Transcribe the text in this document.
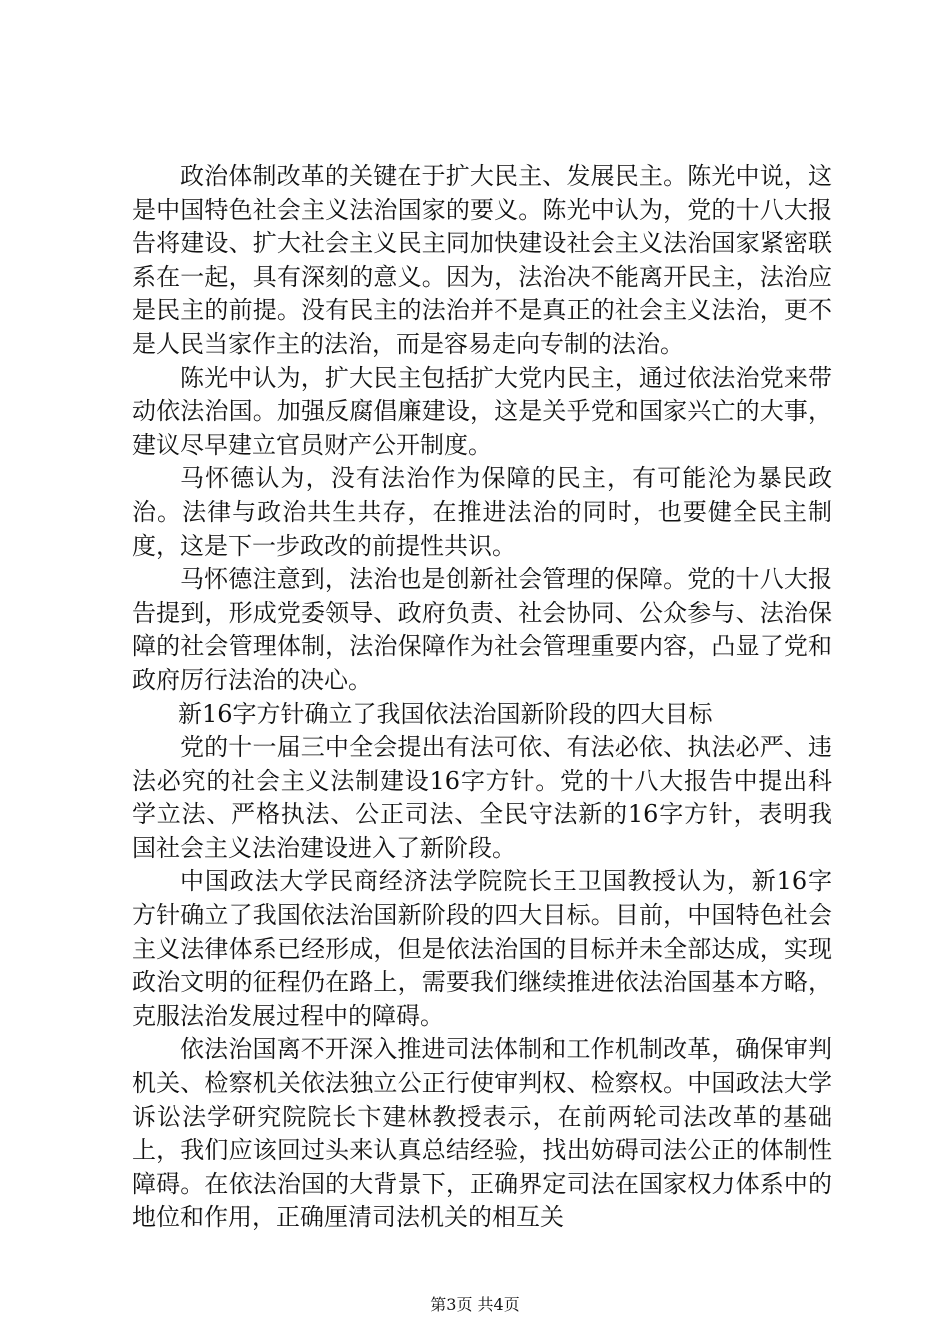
政治体制改革的关键在于扩大民主、发展民主。陈光中说，这是中国特色社会主义法治国家的要义。陈光中认为，党的十八大报告将建设、扩大社会主义民主同加快建设社会主义法治国家紧密联系在一起，具有深刻的意义。因为，法治决不能离开民主，法治应是民主的前提。没有民主的法治并不是真正的社会主义法治，更不是人民当家作主的法治，而是容易走向专制的法治。

陈光中认为，扩大民主包括扩大党内民主，通过依法治党来带动依法治国。加强反腐倡廉建设，这是关乎党和国家兴亡的大事，建议尽早建立官员财产公开制度。

马怀德认为，没有法治作为保障的民主，有可能沦为暴民政治。法律与政治共生共存，在推进法治的同时，也要健全民主制度，这是下一步政改的前提性共识。

马怀德注意到，法治也是创新社会管理的保障。党的十八大报告提到，形成党委领导、政府负责、社会协同、公众参与、法治保障的社会管理体制，法治保障作为社会管理重要内容，凸显了党和政府厉行法治的决心。

新16字方针确立了我国依法治国新阶段的四大目标

党的十一届三中全会提出有法可依、有法必依、执法必严、违法必究的社会主义法制建设16字方针。党的十八大报告中提出科学立法、严格执法、公正司法、全民守法新的16字方针，表明我国社会主义法治建设进入了新阶段。

中国政法大学民商经济法学院院长王卫国教授认为，新16字方针确立了我国依法治国新阶段的四大目标。目前，中国特色社会主义法律体系已经形成，但是依法治国的目标并未全部达成，实现政治文明的征程仍在路上，需要我们继续推进依法治国基本方略，克服法治发展过程中的障碍。

依法治国离不开深入推进司法体制和工作机制改革，确保审判机关、检察机关依法独立公正行使审判权、检察权。中国政法大学诉讼法学研究院院长卞建林教授表示，在前两轮司法改革的基础上，我们应该回过头来认真总结经验，找出妨碍司法公正的体制性障碍。在依法治国的大背景下，正确界定司法在国家权力体系中的地位和作用，正确厘清司法机关的相互关

第3页 共4页
